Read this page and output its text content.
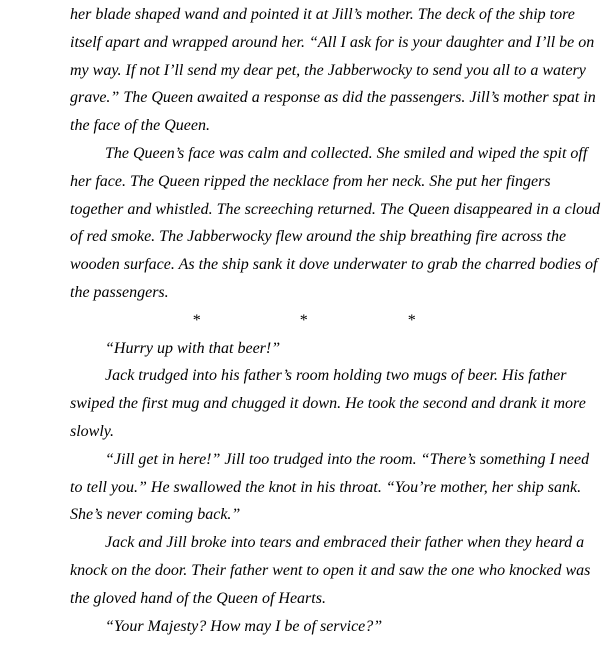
her blade shaped wand and pointed it at Jill’s mother. The deck of the ship tore
itself apart and wrapped around her. “All I ask for is your daughter and I’ll be on
my way. If not I’ll send my dear pet, the Jabberwocky to send you all to a watery
grave.” The Queen awaited a response as did the passengers. Jill’s mother spat in
the face of the Queen.
The Queen’s face was calm and collected. She smiled and wiped the spit off
her face. The Queen ripped the necklace from her neck. She put her fingers
together and whistled. The screeching returned. The Queen disappeared in a cloud
of red smoke. The Jabberwocky flew around the ship breathing fire across the
wooden surface. As the ship sank it dove underwater to grab the charred bodies of
the passengers.
*	*	*
“Hurry up with that beer!”
Jack trudged into his father’s room holding two mugs of beer. His father
swiped the first mug and chugged it down. He took the second and drank it more
slowly.
“Jill get in here!” Jill too trudged into the room. “There’s something I need
to tell you.” He swallowed the knot in his throat. “You’re mother, her ship sank.
She’s never coming back.”
Jack and Jill broke into tears and embraced their father when they heard a
knock on the door. Their father went to open it and saw the one who knocked was
the gloved hand of the Queen of Hearts.
“Your Majesty? How may I be of service?”
